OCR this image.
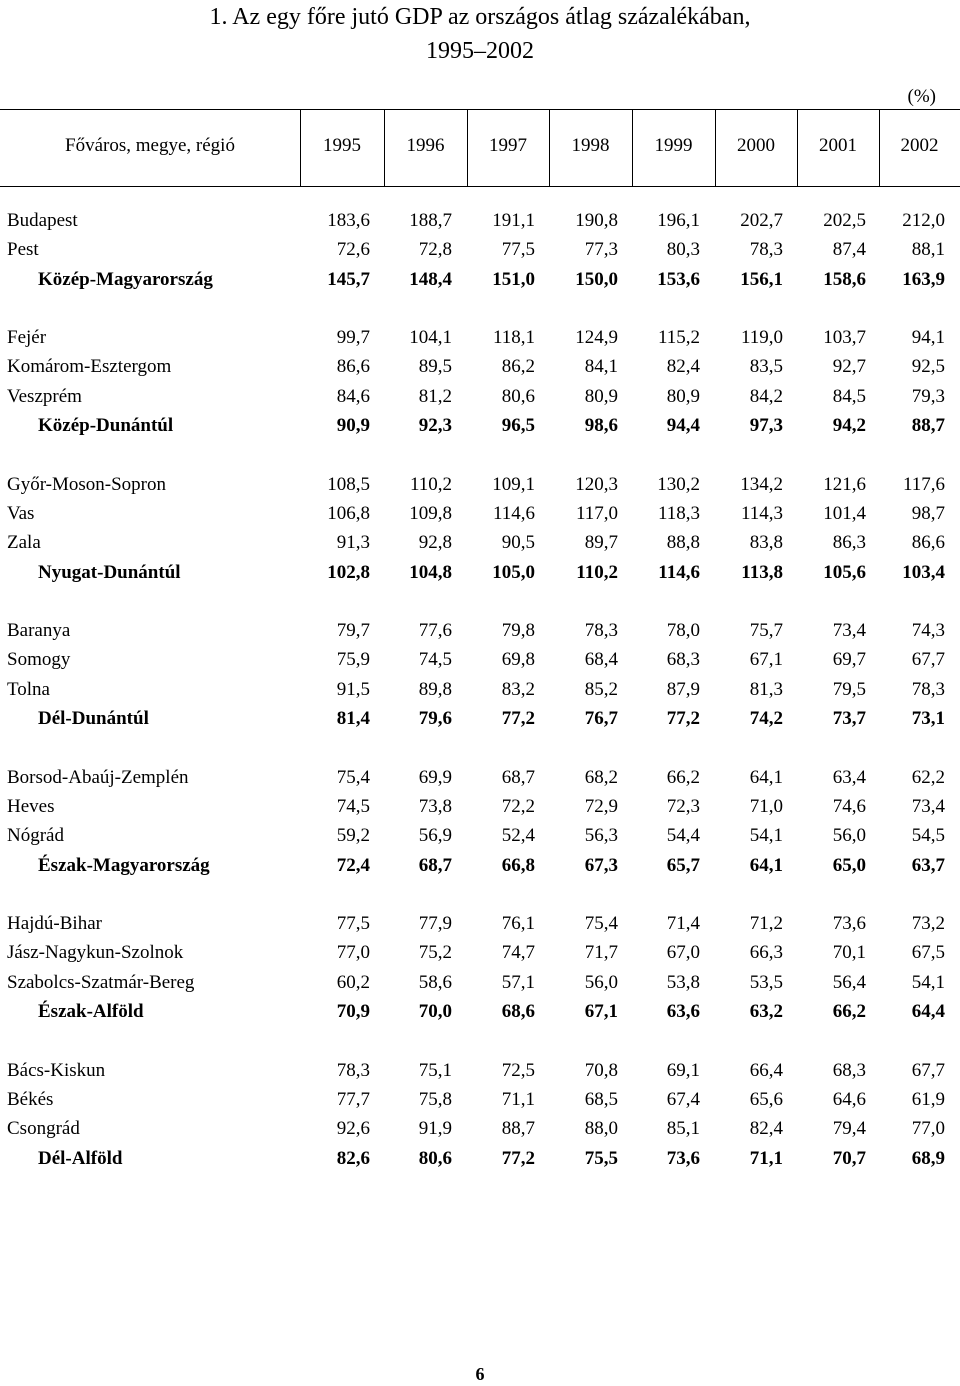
1. Az egy főre jutó GDP az országos átlag százalékában,
1995–2002
(%)
Főváros, megye, régió	1995	1996	1997	1998	1999	2000	2001	2002
Budapest	183,6	188,7	191,1	190,8	196,1	202,7	202,5	212,0
Pest	72,6	72,8	77,5	77,3	80,3	78,3	87,4	88,1
Közép-Magyarország	145,7	148,4	151,0	150,0	153,6	156,1	158,6	163,9
Fejér	99,7	104,1	118,1	124,9	115,2	119,0	103,7	94,1
Komárom-Esztergom	86,6	89,5	86,2	84,1	82,4	83,5	92,7	92,5
Veszprém	84,6	81,2	80,6	80,9	80,9	84,2	84,5	79,3
Közép-Dunántúl	90,9	92,3	96,5	98,6	94,4	97,3	94,2	88,7
Győr-Moson-Sopron	108,5	110,2	109,1	120,3	130,2	134,2	121,6	117,6
Vas	106,8	109,8	114,6	117,0	118,3	114,3	101,4	98,7
Zala	91,3	92,8	90,5	89,7	88,8	83,8	86,3	86,6
Nyugat-Dunántúl	102,8	104,8	105,0	110,2	114,6	113,8	105,6	103,4
Baranya	79,7	77,6	79,8	78,3	78,0	75,7	73,4	74,3
Somogy	75,9	74,5	69,8	68,4	68,3	67,1	69,7	67,7
Tolna	91,5	89,8	83,2	85,2	87,9	81,3	79,5	78,3
Dél-Dunántúl	81,4	79,6	77,2	76,7	77,2	74,2	73,7	73,1
Borsod-Abaúj-Zemplén	75,4	69,9	68,7	68,2	66,2	64,1	63,4	62,2
Heves	74,5	73,8	72,2	72,9	72,3	71,0	74,6	73,4
Nógrád	59,2	56,9	52,4	56,3	54,4	54,1	56,0	54,5
Észak-Magyarország	72,4	68,7	66,8	67,3	65,7	64,1	65,0	63,7
Hajdú-Bihar	77,5	77,9	76,1	75,4	71,4	71,2	73,6	73,2
Jász-Nagykun-Szolnok	77,0	75,2	74,7	71,7	67,0	66,3	70,1	67,5
Szabolcs-Szatmár-Bereg	60,2	58,6	57,1	56,0	53,8	53,5	56,4	54,1
Észak-Alföld	70,9	70,0	68,6	67,1	63,6	63,2	66,2	64,4
Bács-Kiskun	78,3	75,1	72,5	70,8	69,1	66,4	68,3	67,7
Békés	77,7	75,8	71,1	68,5	67,4	65,6	64,6	61,9
Csongrád	92,6	91,9	88,7	88,0	85,1	82,4	79,4	77,0
Dél-Alföld	82,6	80,6	77,2	75,5	73,6	71,1	70,7	68,9
6
